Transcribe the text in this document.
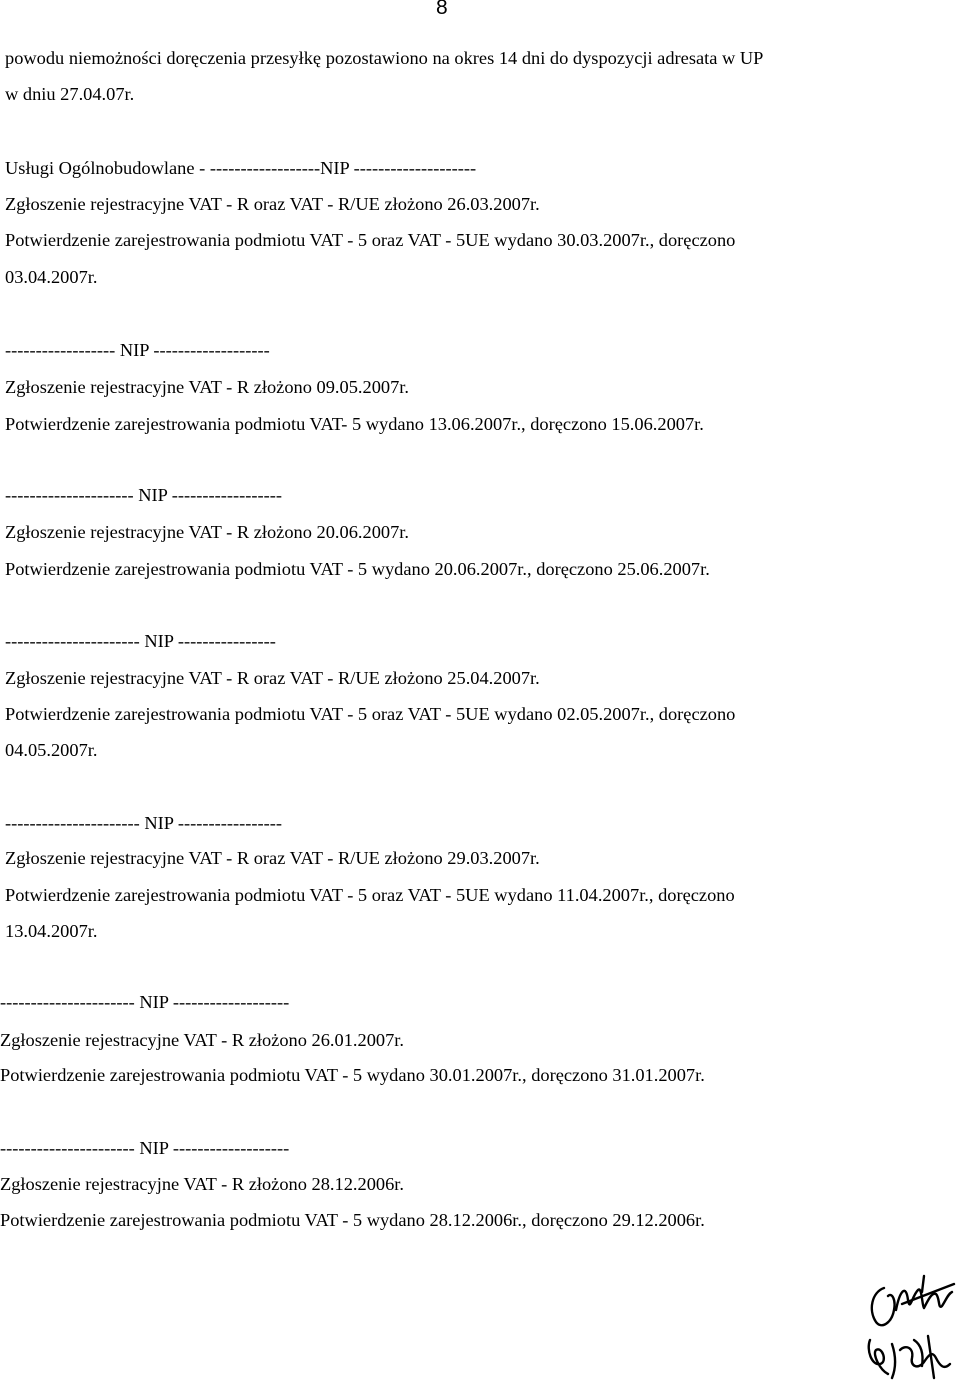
8
powodu niemożności doręczenia przesyłkę pozostawiono na okres 14 dni do dyspozycji adresata w UP
w dniu 27.04.07r.
Usługi Ogólnobudowlane - ------------------NIP --------------------
Zgłoszenie rejestracyjne VAT - R oraz VAT - R/UE złożono 26.03.2007r.
Potwierdzenie zarejestrowania podmiotu VAT - 5 oraz VAT - 5UE wydano 30.03.2007r., doręczono
03.04.2007r.
------------------ NIP -------------------
Zgłoszenie rejestracyjne VAT - R złożono 09.05.2007r.
Potwierdzenie zarejestrowania podmiotu VAT- 5 wydano 13.06.2007r., doręczono 15.06.2007r.
--------------------- NIP ------------------
Zgłoszenie rejestracyjne VAT - R złożono 20.06.2007r.
Potwierdzenie zarejestrowania podmiotu VAT - 5 wydano 20.06.2007r., doręczono 25.06.2007r.
---------------------- NIP ----------------
Zgłoszenie rejestracyjne VAT - R oraz VAT - R/UE złożono 25.04.2007r.
Potwierdzenie zarejestrowania podmiotu VAT - 5 oraz VAT - 5UE wydano 02.05.2007r., doręczono
04.05.2007r.
---------------------- NIP -----------------
Zgłoszenie rejestracyjne VAT - R oraz VAT - R/UE złożono 29.03.2007r.
Potwierdzenie zarejestrowania podmiotu VAT - 5 oraz VAT - 5UE wydano 11.04.2007r., doręczono
13.04.2007r.
---------------------- NIP -------------------
Zgłoszenie rejestracyjne VAT - R złożono 26.01.2007r.
Potwierdzenie zarejestrowania podmiotu VAT - 5 wydano 30.01.2007r., doręczono 31.01.2007r.
---------------------- NIP -------------------
Zgłoszenie rejestracyjne VAT - R złożono 28.12.2006r.
Potwierdzenie zarejestrowania podmiotu VAT - 5 wydano 28.12.2006r., doręczono 29.12.2006r.
